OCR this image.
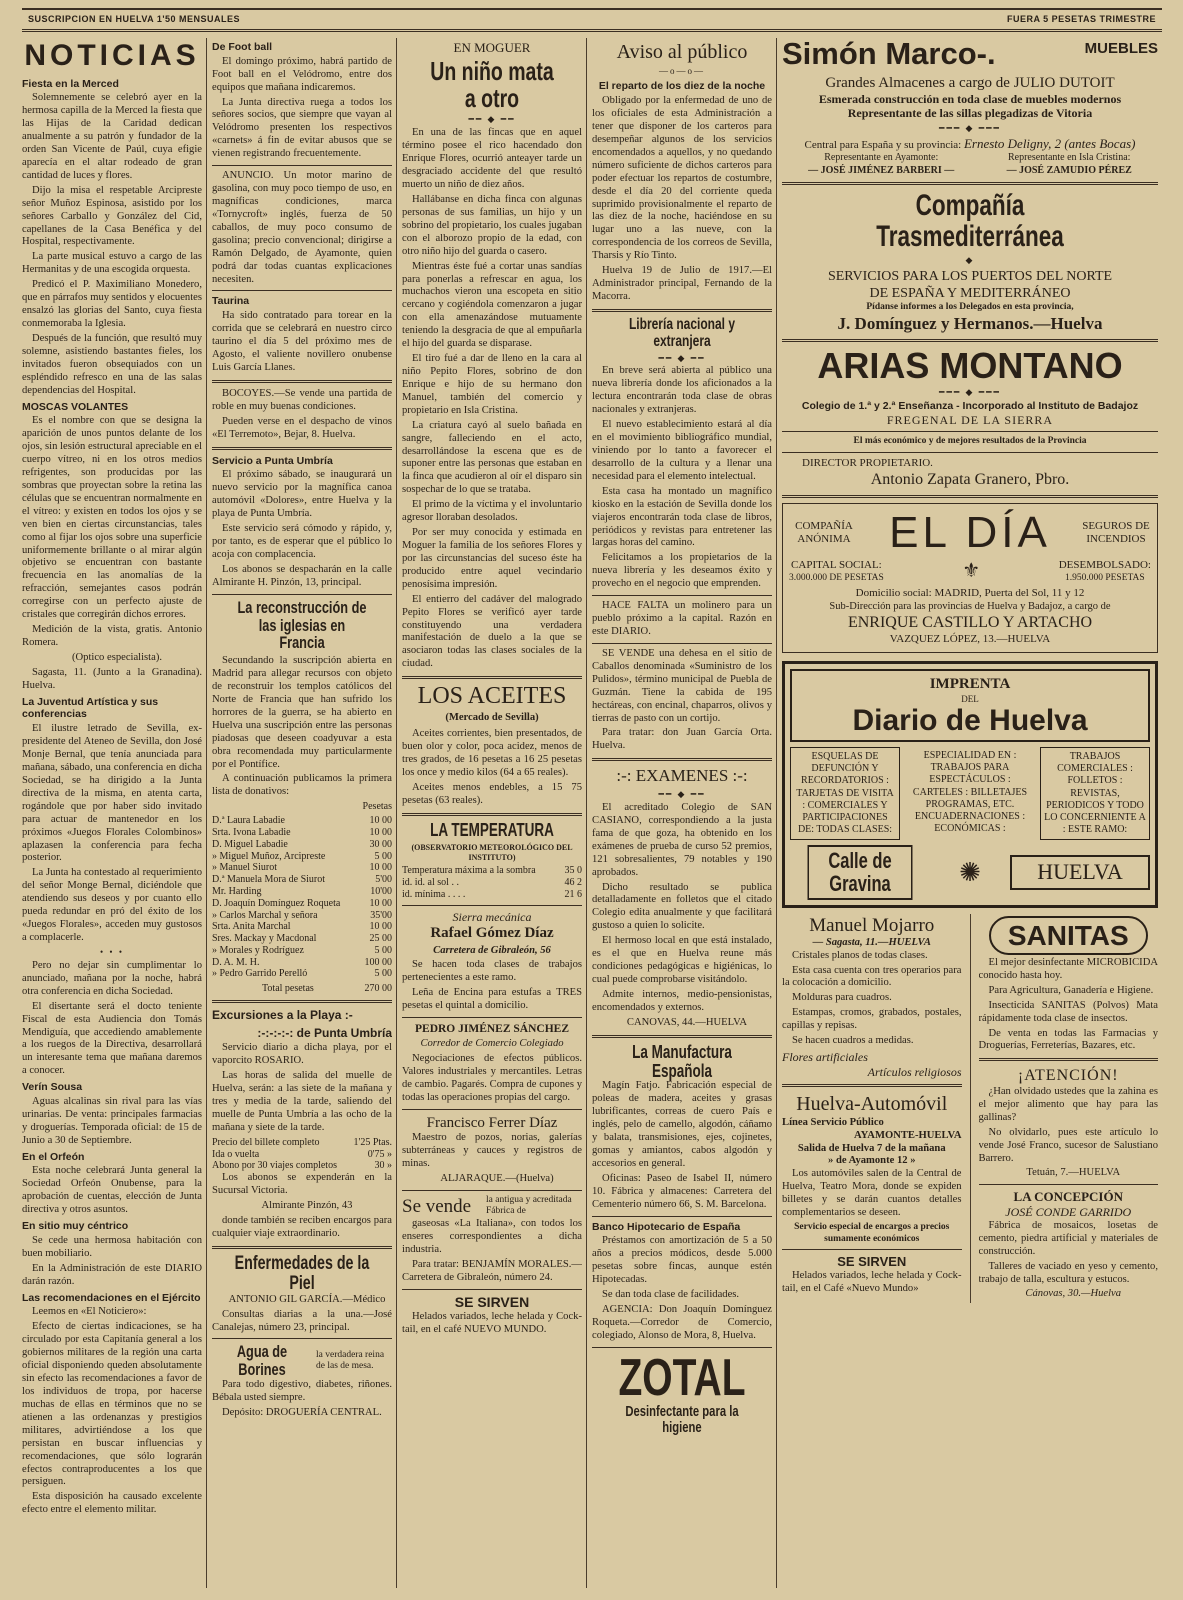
SUSCRIPCION EN HUELVA 1'50 MENSUALES	FUERA 5 PESETAS TRIMESTRE
NOTICIAS
Fiesta en la Merced

Solemnemente se celebró ayer en la hermosa capilla de la Merced la fiesta que las Hijas de la Caridad dedican anualmente a su patrón y fundador de la orden San Vicente de Paúl, cuya efigie aparecía en el altar rodeado de gran cantidad de luces y flores.

Dijo la misa el respetable Arcipreste señor Muñoz Espinosa, asistido por los señores Carballo y González del Cid, capellanes de la Casa Benéfica y del Hospital, respectivamente.

La parte musical estuvo a cargo de las Hermanitas y de una escogida orquesta.

Predicó el P. Maximiliano Monedero, que en párrafos muy sentidos y elocuentes ensalzó las glorias del Santo, cuya fiesta conmemoraba la Iglesia.

Después de la función, que resultó muy solemne, asistiendo bastantes fieles, los invitados fueron obsequiados con un espléndido refresco en una de las salas dependencias del Hospital.

MOSCAS VOLANTES

Es el nombre con que se designa la aparición de unos puntos delante de los ojos, sin lesión estructural apreciable en el cuerpo vítreo, ni en los otros medios refrigentes, son producidas por las sombras que proyectan sobre la retina las células que se encuentran normalmente en el vítreo: y existen en todos los ojos y se ven bien en ciertas circunstancias, tales como al fijar los ojos sobre una superficie uniformemente brillante o al mirar algún objetivo se encuentran con bastante frecuencia en las anomalías de la refracción, semejantes casos podrán corregirse con un perfecto ajuste de cristales que corregirán dichos errores.

Medición de la vista, gratis. Antonio Romera.

(Optico especialista).

Sagasta, 11. (Junto a la Granadina). Huelva.

La Juventud Artística y sus conferencias

El ilustre letrado de Sevilla, ex-presidente del Ateneo de Sevilla, don José Monje Bernal, que tenía anunciada para mañana, sábado, una conferencia en dicha Sociedad, se ha dirigido a la Junta directiva de la misma, en atenta carta, rogándole que por haber sido invitado para actuar de mantenedor en los próximos «Juegos Florales Colombinos» aplazasen la conferencia para fecha posterior.

La Junta ha contestado al requerimiento del señor Monge Bernal, diciéndole que atendiendo sus deseos y por cuanto ello pueda redundar en pró del éxito de los «Juegos Florales», acceden muy gustosos a complacerle.

• • •

Pero no dejar sin cumplimentar lo anunciado, mañana por la noche, habrá otra conferencia en dicha Sociedad.

El disertante será el docto teniente Fiscal de esta Audiencia don Tomás Mendiguía, que accediendo amablemente a los ruegos de la Directiva, desarrollará un interesante tema que mañana daremos a conocer.

Verín Sousa

Aguas alcalinas sin rival para las vías urinarias. De venta: principales farmacias y droguerías. Temporada oficial: de 15 de Junio a 30 de Septiembre.

En el Orfeón

Esta noche celebrará Junta general la Sociedad Orfeón Onubense, para la aprobación de cuentas, elección de Junta directiva y otros asuntos.

En sitio muy céntrico

Se cede una hermosa habitación con buen mobiliario.

En la Administración de este DIARIO darán razón.

Las recomendaciones en el Ejército

Leemos en «El Noticiero»:

Efecto de ciertas indicaciones, se ha circulado por esta Capitanía general a los gobiernos militares de la región una carta oficial disponiendo queden absolutamente sin efecto las recomendaciones a favor de los individuos de tropa, por hacerse muchas de ellas en términos que no se atienen a las ordenanzas y prestigios militares, advirtiéndose a los que persistan en buscar influencias y recomendaciones, que sólo lograrán efectos contraproducentes a los que persiguen.

Esta disposición ha causado excelente efecto entre el elemento militar.

De Foot ball

El domingo próximo, habrá partido de Foot ball en el Velódromo, entre dos equipos que mañana indicaremos.

La Junta directiva ruega a todos los señores socios, que siempre que vayan al Velódromo presenten los respectivos «carnets» á fin de evitar abusos que se vienen registrando frecuentemente.

ANUNCIO. Un motor marino de gasolina, con muy poco tiempo de uso, en magníficas condiciones, marca «Tornycroft» inglés, fuerza de 50 caballos, de muy poco consumo de gasolina; precio convencional; dirigirse a Ramón Delgado, de Ayamonte, quien podrá dar todas cuantas explicaciones necesiten.

Taurina

Ha sido contratado para torear en la corrida que se celebrará en nuestro circo taurino el día 5 del próximo mes de Agosto, el valiente novillero onubense Luis García Llanes.

BOCOYES.—Se vende una partida de roble en muy buenas condiciones.

Pueden verse en el despacho de vinos «El Terremoto», Bejar, 8. Huelva.

Servicio a Punta Umbría

El próximo sábado, se inaugurará un nuevo servicio por la magnífica canoa automóvil «Dolores», entre Huelva y la playa de Punta Umbría.

Este servicio será cómodo y rápido, y, por tanto, es de esperar que el público lo acoja con complacencia.

Los abonos se despacharán en la calle Almirante H. Pinzón, 13, principal.

La reconstrucción de
las iglesias en Francia

Secundando la suscripción abierta en Madrid para allegar recursos con objeto de reconstruir los templos católicos del Norte de Francia que han sufrido los horrores de la guerra, se ha abierto en Huelva una suscripción entre las personas piadosas que deseen coadyuvar a esta obra recomendada muy particularmente por el Pontífice.

A continuación publicamos la primera lista de donativos:

Pesetas
D.ª Laura Labadie	10 00
Srta. Ivona Labadie	10 00
D. Miguel Labadie	30 00
» Miguel Muñoz, Arcipreste	5 00
» Manuel Siurot	10 00
D.ª Manuela Mora de Siurot	5'00
Mr. Harding	10'00
D. Joaquín Domínguez Roqueta	10 00
» Carlos Marchal y señora	35'00
Srta. Anita Marchal	10 00
Sres. Mackay y Macdonal	25 00
» Morales y Rodríguez	5 00
D. A. M. H.	100 00
» Pedro Garrido Perelló	5 00
Total pesetas	270 00
Excursiones a la Playa :-
:-:-:-:-: de Punta Umbría

Servicio diario a dicha playa, por el vaporcito ROSARIO.

Las horas de salida del muelle de Huelva, serán: a las siete de la mañana y tres y media de la tarde, saliendo del muelle de Punta Umbría a las ocho de la mañana y siete de la tarde.

Precio del billete completo	1'25 Ptas.
Ida o vuelta	0'75 »
Abono por 30 viajes completos	30 »

Los abonos se expenderán en la Sucursal Victoria.

Almirante Pinzón, 43

donde también se reciben encargos para cualquier viaje extraordinario.

Enfermedades de la Piel

ANTONIO GIL GARCÍA.—Médico

Consultas diarias a la una.—José Canalejas, número 23, principal.

Agua de Borines
la verdadera reina de las de mesa.

Para todo digestivo, diabetes, riñones. Bébala usted siempre.

Depósito: DROGUERÍA CENTRAL.

EN MOGUER
Un niño mata a otro
━━ ◆ ━━

En una de las fincas que en aquel término posee el rico hacendado don Enrique Flores, ocurrió anteayer tarde un desgraciado accidente del que resultó muerto un niño de diez años.

Hallábanse en dicha finca con algunas personas de sus familias, un hijo y un sobrino del propietario, los cuales jugaban con el alborozo propio de la edad, con otro niño hijo del guarda o casero.

Mientras éste fué a cortar unas sandías para ponerlas a refrescar en agua, los muchachos vieron una escopeta en sitio cercano y cogiéndola comenzaron a jugar con ella amenazándose mutuamente teniendo la desgracia de que al empuñarla el hijo del guarda se disparase.

El tiro fué a dar de lleno en la cara al niño Pepito Flores, sobrino de don Enrique e hijo de su hermano don Manuel, también del comercio y propietario en Isla Cristina.

La criatura cayó al suelo bañada en sangre, falleciendo en el acto, desarrollándose la escena que es de suponer entre las personas que estaban en la finca que acudieron al oír el disparo sin sospechar de lo que se trataba.

El primo de la víctima y el involuntario agresor lloraban desolados.

Por ser muy conocida y estimada en Moguer la familia de los señores Flores y por las circunstancias del suceso éste ha producido entre aquel vecindario penosísima impresión.

El entierro del cadáver del malogrado Pepito Flores se verificó ayer tarde constituyendo una verdadera manifestación de duelo a la que se asociaron todas las clases sociales de la ciudad.

LOS ACEITES
(Mercado de Sevilla)

Aceites corrientes, bien presentados, de buen olor y color, poca acidez, menos de tres grados, de 16 pesetas a 16 25 pesetas los once y medio kilos (64 a 65 reales).

Aceites menos endebles, a 15 75 pesetas (63 reales).

LA TEMPERATURA
(OBSERVATORIO METEOROLÓGICO DEL INSTITUTO)
Temperatura máxima a la sombra	35 0
id. id. al sol . .	46 2
id. mínima . . . .	21 6
Sierra mecánica
Rafael Gómez Díaz
Carretera de Gibraleón, 56

Se hacen toda clases de trabajos pertenecientes a este ramo.

Leña de Encina para estufas a TRES pesetas el quintal a domicilio.

PEDRO JIMÉNEZ SÁNCHEZ
Corredor de Comercio Colegiado

Negociaciones de efectos públicos. Valores industriales y mercantiles. Letras de cambio. Pagarés. Compra de cupones y todas las operaciones propias del cargo.

Francisco Ferrer Díaz

Maestro de pozos, norias, galerías subterráneas y cauces y registros de minas.

ALJARAQUE.—(Huelva)

Se vende	la antigua y acreditada Fábrica de

gaseosas «La Italiana», con todos los enseres correspondientes a dicha industria.

Para tratar: BENJAMÍN MORALES.—Carretera de Gibraleón, número 24.

SE SIRVEN

Helados variados, leche helada y Cock-tail, en el café NUEVO MUNDO.

Aviso al público
—o—o—
El reparto de los diez de la noche

Obligado por la enfermedad de uno de los oficiales de esta Administración a tener que disponer de los carteros para desempeñar algunos de los servicios encomendados a aquellos, y no quedando número suficiente de dichos carteros para poder efectuar los repartos de costumbre, desde el día 20 del corriente queda suprimido provisionalmente el reparto de las diez de la noche, haciéndose en su lugar uno a las nueve, con la correspondencia de los correos de Sevilla, Tharsis y Río Tinto.

Huelva 19 de Julio de 1917.—El Administrador principal, Fernando de la Macorra.

Librería nacional y extranjera
━━ ◆ ━━

En breve será abierta al público una nueva librería donde los aficionados a la lectura encontrarán toda clase de obras nacionales y extranjeras.

El nuevo establecimiento estará al día en el movimiento bibliográfico mundial, viniendo por lo tanto a favorecer el desarrollo de la cultura y a llenar una necesidad para el elemento intelectual.

Esta casa ha montado un magnífico kiosko en la estación de Sevilla donde los viajeros encontrarán toda clase de libros, periódicos y revistas para entretener las largas horas del camino.

Felicitamos a los propietarios de la nueva librería y les deseamos éxito y provecho en el negocio que emprenden.

HACE FALTA un molinero para un pueblo próximo a la capital. Razón en este DIARIO.

SE VENDE una dehesa en el sitio de Caballos denominada «Suministro de los Pulidos», término municipal de Puebla de Guzmán. Tiene la cabida de 195 hectáreas, con encinal, chaparros, olivos y tierras de pasto con un cortijo.

Para tratar: don Juan García Orta. Huelva.

:-: EXAMENES :-:
━━ ◆ ━━

El acreditado Colegio de SAN CASIANO, correspondiendo a la justa fama de que goza, ha obtenido en los exámenes de prueba de curso 52 premios, 121 sobresalientes, 79 notables y 190 aprobados.

Dicho resultado se publica detalladamente en folletos que el citado Colegio edita anualmente y que facilitará gustoso a quien lo solicite.

El hermoso local en que está instalado, es el que en Huelva reune más condiciones pedagógicas e higiénicas, lo cual puede comprobarse visitándolo.

Admite internos, medio-pensionistas, encomendados y externos.

CANOVAS, 44.—HUELVA

La Manufactura Española

Magín Fatjo. Fabricación especial de poleas de madera, aceites y grasas lubrificantes, correas de cuero País e inglés, pelo de camello, algodón, cáñamo y balata, transmisiones, ejes, cojinetes, gomas y amiantos, cabos algodón y accesorios en general.

Oficinas: Paseo de Isabel II, número 10. Fábrica y almacenes: Carretera del Cementerio número 66, S. M. Barcelona.

Banco Hipotecario de España

Préstamos con amortización de 5 a 50 años a precios módicos, desde 5.000 pesetas sobre fincas, aunque estén Hipotecadas.

Se dan toda clase de facilidades.

AGENCIA: Don Joaquín Domínguez Roqueta.—Corredor de Comercio, colegiado, Alonso de Mora, 8, Huelva.

ZOTAL
Desinfectante para la higiene
Simón Marco-.	MUEBLES
Grandes Almacenes a cargo de JULIO DUTOIT
Esmerada construcción en toda clase de muebles modernos
Representante de las sillas plegadizas de Vitoria
━━━ ◆ ━━━
Central para España y su provincia: Ernesto Deligny, 2 (antes Bocas)
Representante en Ayamonte:
— JOSÉ JIMÉNEZ BARBERI —
Representante en Isla Cristina:
— JOSÉ ZAMUDIO PÉREZ
Compañía Trasmediterránea
◆
SERVICIOS PARA LOS PUERTOS DEL NORTE
DE ESPAÑA Y MEDITERRÁNEO
Pídanse informes a los Delegados en esta provincia,
J. Domínguez y Hermanos.—Huelva
ARIAS MONTANO
━━━ ◆ ━━━
Colegio de 1.ª y 2.ª Enseñanza - Incorporado al Instituto de Badajoz
FREGENAL DE LA SIERRA
El más económico y de mejores resultados de la Provincia
DIRECTOR PROPIETARIO.
Antonio Zapata Granero, Pbro.
COMPAÑÍA ANÓNIMA EL DÍA	SEGUROS DE INCENDIOS
CAPITAL SOCIAL:
3.000.000 DE PESETAS	⚜	DESEMBOLSADO:
1.950.000 PESETAS
Domicilio social: MADRID, Puerta del Sol, 11 y 12
Sub-Dirección para las provincias de Huelva y Badajoz, a cargo de
ENRIQUE CASTILLO Y ARTACHO
VAZQUEZ LÓPEZ, 13.—HUELVA
IMPRENTA
DEL
Diario de Huelva
ESQUELAS DE DEFUNCIÓN Y RECORDATORIOS : TARJETAS DE VISITA : COMERCIALES Y PARTICIPACIONES DE: TODAS CLASES:
ESPECIALIDAD EN : TRABAJOS PARA ESPECTÁCULOS : CARTELES : BILLETAJES PROGRAMAS, ETC. ENCUADERNACIONES : ECONÓMICAS :
TRABAJOS COMERCIALES : FOLLETOS : REVISTAS, PERIODICOS Y TODO LO CONCERNIENTE A : ESTE RAMO:
Calle de Gravina	✺	HUELVA
Manuel Mojarro
— Sagasta, 11.—HUELVA

Cristales planos de todas clases.

Esta casa cuenta con tres operarios para la colocación a domicilio.

Molduras para cuadros.

Estampas, cromos, grabados, postales, capillas y repisas.

Se hacen cuadros a medidas.

Flores artificiales
Artículos religiosos
Huelva-Automóvil
Línea Servicio Público
AYAMONTE-HUELVA
Salida de Huelva 7 de la mañana
» de Ayamonte 12 »

Los automóviles salen de la Central de Huelva, Teatro Mora, donde se expiden billetes y se darán cuantos detalles complementarios se deseen.

Servicio especial de encargos a precios sumamente económicos
SE SIRVEN

Helados variados, leche helada y Cock-tail, en el Café «Nuevo Mundo»

SANITAS

El mejor desinfectante MICROBICIDA conocido hasta hoy.

Para Agricultura, Ganadería e Higiene.

Insecticida SANITAS (Polvos) Mata rápidamente toda clase de insectos.

De venta en todas las Farmacias y Droguerías, Ferreterías, Bazares, etc.

¡ATENCIÓN!

¿Han olvidado ustedes que la zahina es el mejor alimento que hay para las gallinas?

No olvidarlo, pues este artículo lo vende José Franco, sucesor de Salustiano Barrero.

Tetuán, 7.—HUELVA

LA CONCEPCIÓN
JOSÉ CONDE GARRIDO

Fábrica de mosaicos, losetas de cemento, piedra artificial y materiales de construcción.

Talleres de vaciado en yeso y cemento, trabajo de talla, escultura y estucos.

Cánovas, 30.—Huelva
